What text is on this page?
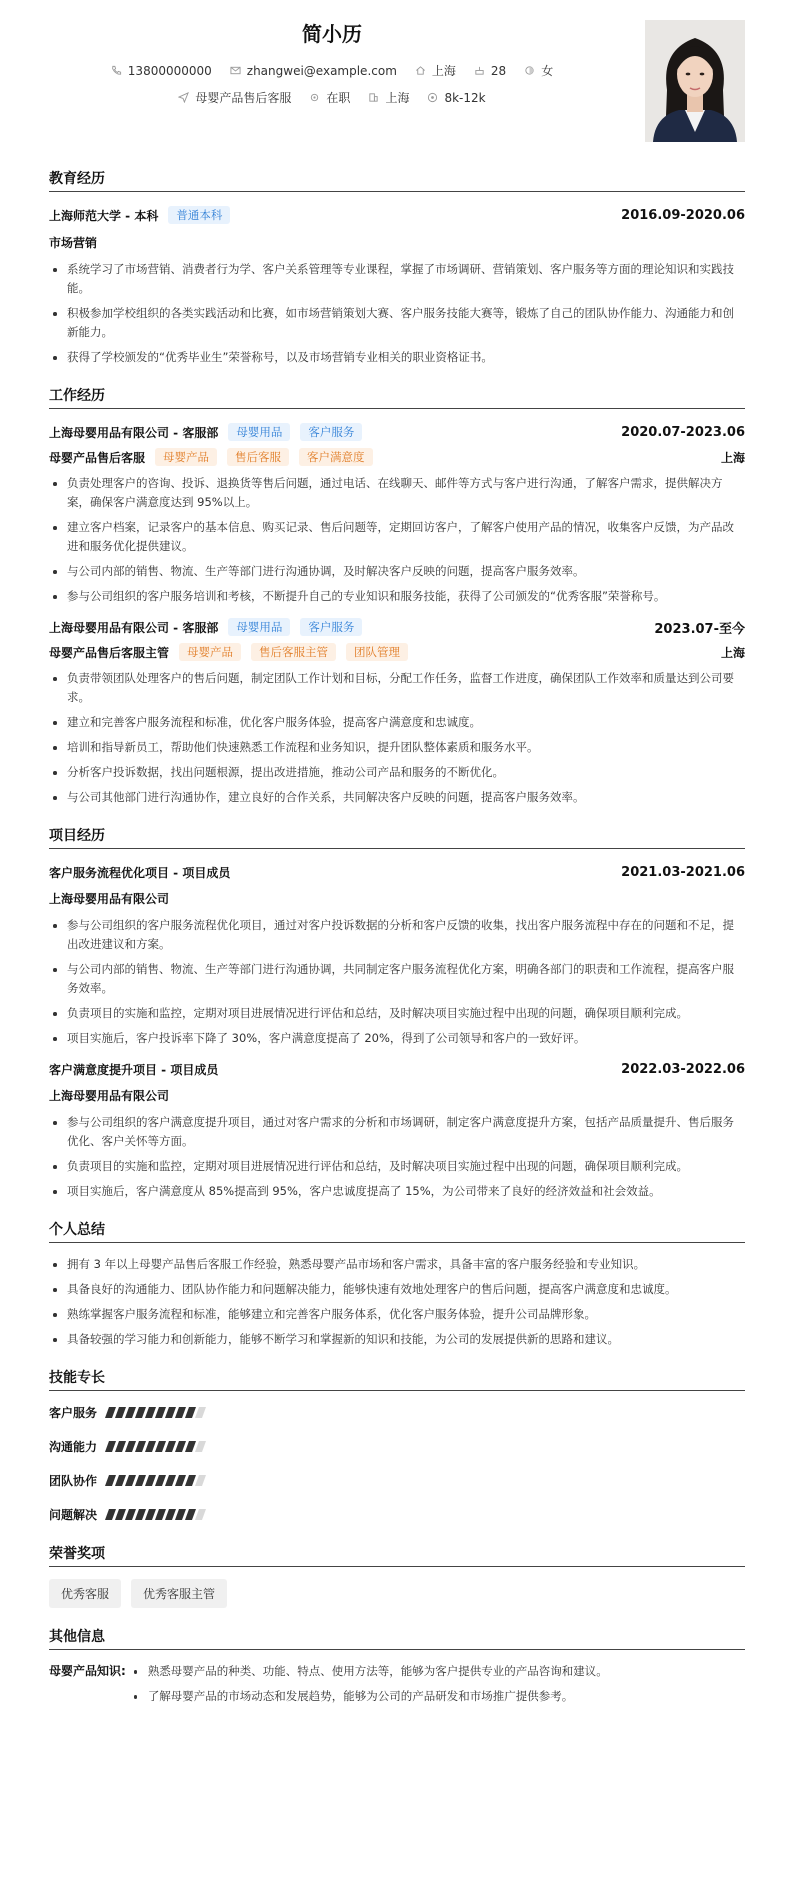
简小历
13800000000	zhangwei@example.com	上海	28	女
母婴产品售后客服	在职	上海	8k-12k
教育经历
上海师范大学 - 本科	普通本科	2016.09-2020.06
市场营销
系统学习了市场营销、消费者行为学、客户关系管理等专业课程，掌握了市场调研、营销策划、客户服务等方面的理论知识和实践技能。
积极参加学校组织的各类实践活动和比赛，如市场营销策划大赛、客户服务技能大赛等，锻炼了自己的团队协作能力、沟通能力和创新能力。
获得了学校颁发的“优秀毕业生”荣誉称号，以及市场营销专业相关的职业资格证书。
工作经历
上海母婴用品有限公司 - 客服部	母婴用品	客户服务	2020.07-2023.06
母婴产品售后客服	母婴产品	售后客服	客户满意度	上海
负责处理客户的咨询、投诉、退换货等售后问题，通过电话、在线聊天、邮件等方式与客户进行沟通，了解客户需求，提供解决方案，确保客户满意度达到 95%以上。
建立客户档案，记录客户的基本信息、购买记录、售后问题等，定期回访客户，了解客户使用产品的情况，收集客户反馈，为产品改进和服务优化提供建议。
与公司内部的销售、物流、生产等部门进行沟通协调，及时解决客户反映的问题，提高客户服务效率。
参与公司组织的客户服务培训和考核，不断提升自己的专业知识和服务技能，获得了公司颁发的“优秀客服”荣誉称号。
上海母婴用品有限公司 - 客服部	母婴用品	客户服务	2023.07-至今
母婴产品售后客服主管	母婴产品	售后客服主管	团队管理	上海
负责带领团队处理客户的售后问题，制定团队工作计划和目标，分配工作任务，监督工作进度，确保团队工作效率和质量达到公司要求。
建立和完善客户服务流程和标准，优化客户服务体验，提高客户满意度和忠诚度。
培训和指导新员工，帮助他们快速熟悉工作流程和业务知识，提升团队整体素质和服务水平。
分析客户投诉数据，找出问题根源，提出改进措施，推动公司产品和服务的不断优化。
与公司其他部门进行沟通协作，建立良好的合作关系，共同解决客户反映的问题，提高客户服务效率。
项目经历
客户服务流程优化项目 - 项目成员	2021.03-2021.06
上海母婴用品有限公司
参与公司组织的客户服务流程优化项目，通过对客户投诉数据的分析和客户反馈的收集，找出客户服务流程中存在的问题和不足，提出改进建议和方案。
与公司内部的销售、物流、生产等部门进行沟通协调，共同制定客户服务流程优化方案，明确各部门的职责和工作流程，提高客户服务效率。
负责项目的实施和监控，定期对项目进展情况进行评估和总结，及时解决项目实施过程中出现的问题，确保项目顺利完成。
项目实施后，客户投诉率下降了 30%，客户满意度提高了 20%，得到了公司领导和客户的一致好评。
客户满意度提升项目 - 项目成员	2022.03-2022.06
上海母婴用品有限公司
参与公司组织的客户满意度提升项目，通过对客户需求的分析和市场调研，制定客户满意度提升方案，包括产品质量提升、售后服务优化、客户关怀等方面。
负责项目的实施和监控，定期对项目进展情况进行评估和总结，及时解决项目实施过程中出现的问题，确保项目顺利完成。
项目实施后，客户满意度从 85%提高到 95%，客户忠诚度提高了 15%，为公司带来了良好的经济效益和社会效益。
个人总结
拥有 3 年以上母婴产品售后客服工作经验，熟悉母婴产品市场和客户需求，具备丰富的客户服务经验和专业知识。
具备良好的沟通能力、团队协作能力和问题解决能力，能够快速有效地处理客户的售后问题，提高客户满意度和忠诚度。
熟练掌握客户服务流程和标准，能够建立和完善客户服务体系，优化客户服务体验，提升公司品牌形象。
具备较强的学习能力和创新能力，能够不断学习和掌握新的知识和技能，为公司的发展提供新的思路和建议。
技能专长
客户服务
沟通能力
团队协作
问题解决
荣誉奖项
优秀客服	优秀客服主管
其他信息
母婴产品知识:	熟悉母婴产品的种类、功能、特点、使用方法等，能够为客户提供专业的产品咨询和建议。
了解母婴产品的市场动态和发展趋势，能够为公司的产品研发和市场推广提供参考。
